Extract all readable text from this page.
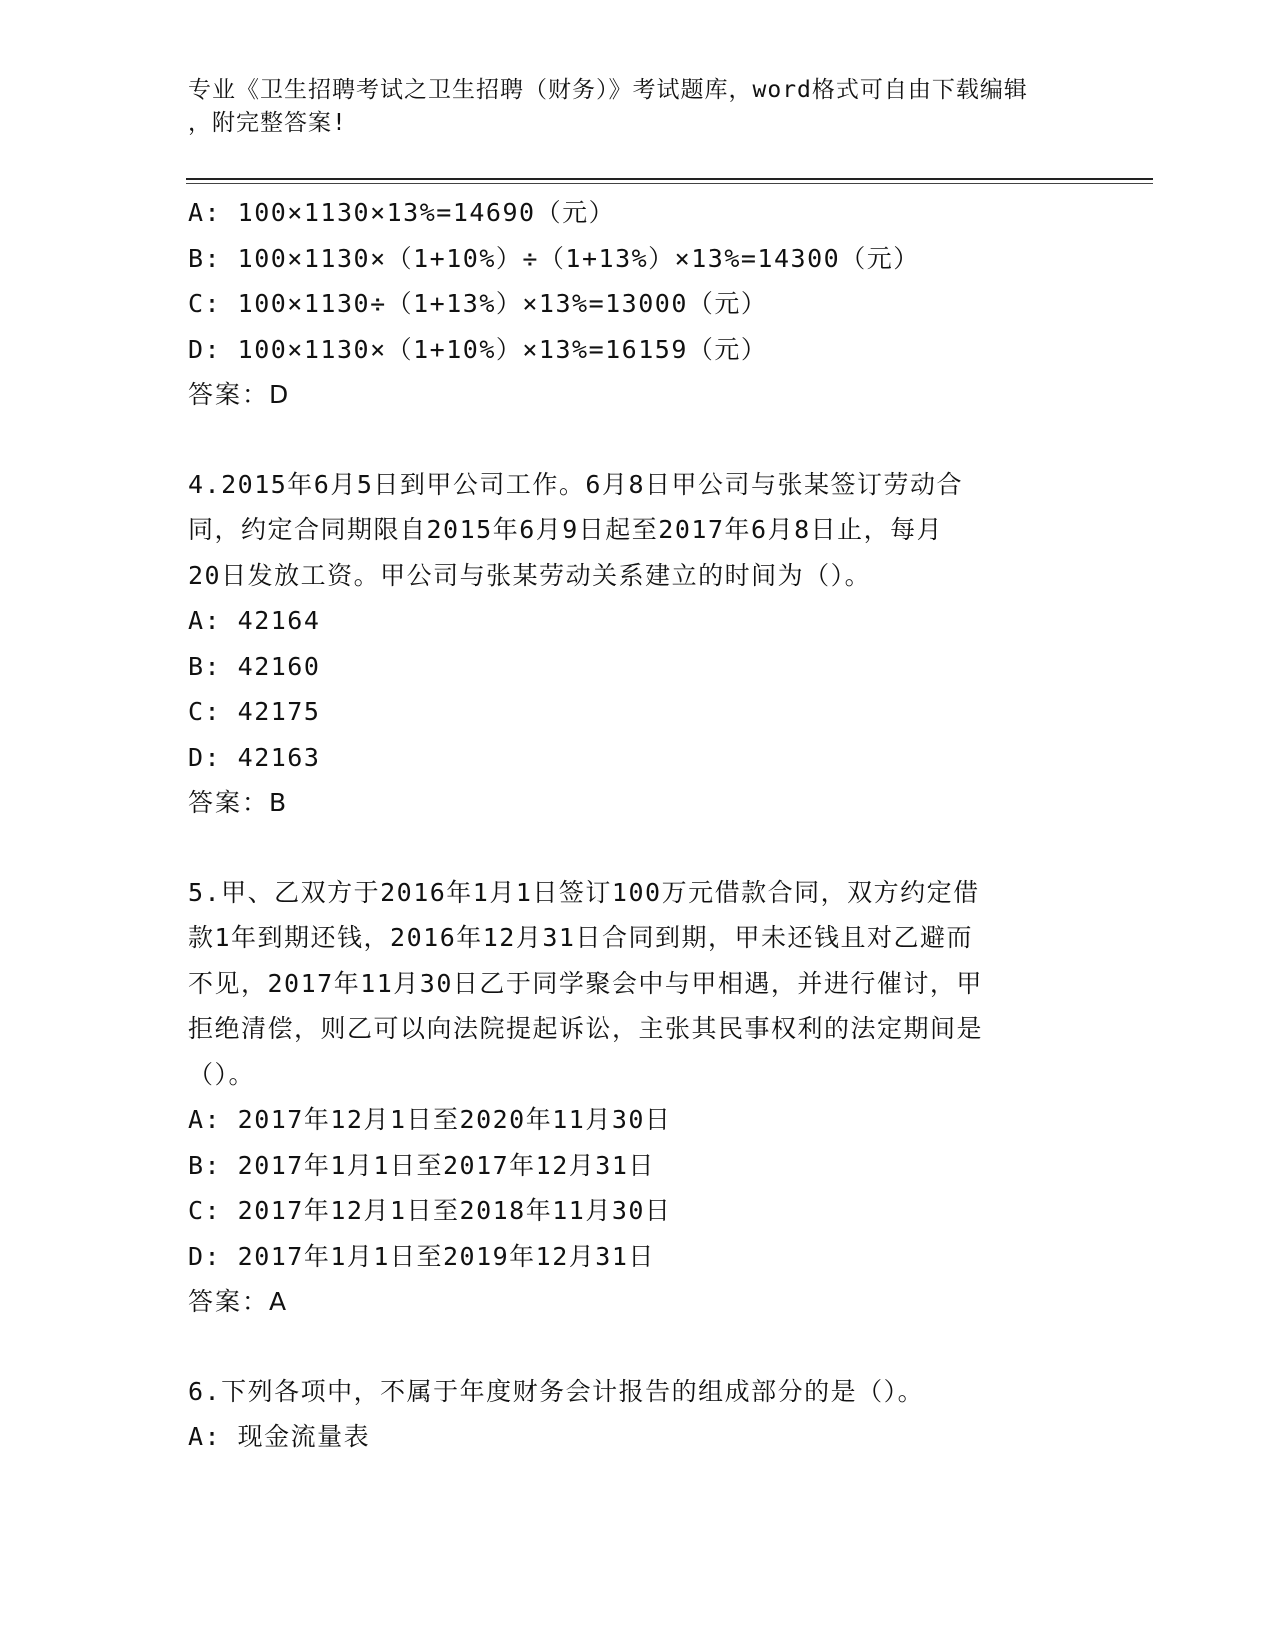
专业《卫生招聘考试之卫生招聘（财务）》考试题库，word格式可自由下载编辑
，附完整答案!
A: 100×1130×13%=14690（元）
B: 100×1130×（1+10%）÷（1+13%）×13%=14300（元）
C: 100×1130÷（1+13%）×13%=13000（元）
D: 100×1130×（1+10%）×13%=16159（元）
答案：D
4.2015年6月5日到甲公司工作。6月8日甲公司与张某签订劳动合
同，约定合同期限自2015年6月9日起至2017年6月8日止，每月
20日发放工资。甲公司与张某劳动关系建立的时间为（）。
A: 42164
B: 42160
C: 42175
D: 42163
答案：B
5.甲、乙双方于2016年1月1日签订100万元借款合同，双方约定借
款1年到期还钱，2016年12月31日合同到期，甲未还钱且对乙避而
不见，2017年11月30日乙于同学聚会中与甲相遇，并进行催讨，甲
拒绝清偿，则乙可以向法院提起诉讼，主张其民事权利的法定期间是
（）。
A: 2017年12月1日至2020年11月30日
B: 2017年1月1日至2017年12月31日
C: 2017年12月1日至2018年11月30日
D: 2017年1月1日至2019年12月31日
答案：A
6.下列各项中，不属于年度财务会计报告的组成部分的是（）。
A: 现金流量表
